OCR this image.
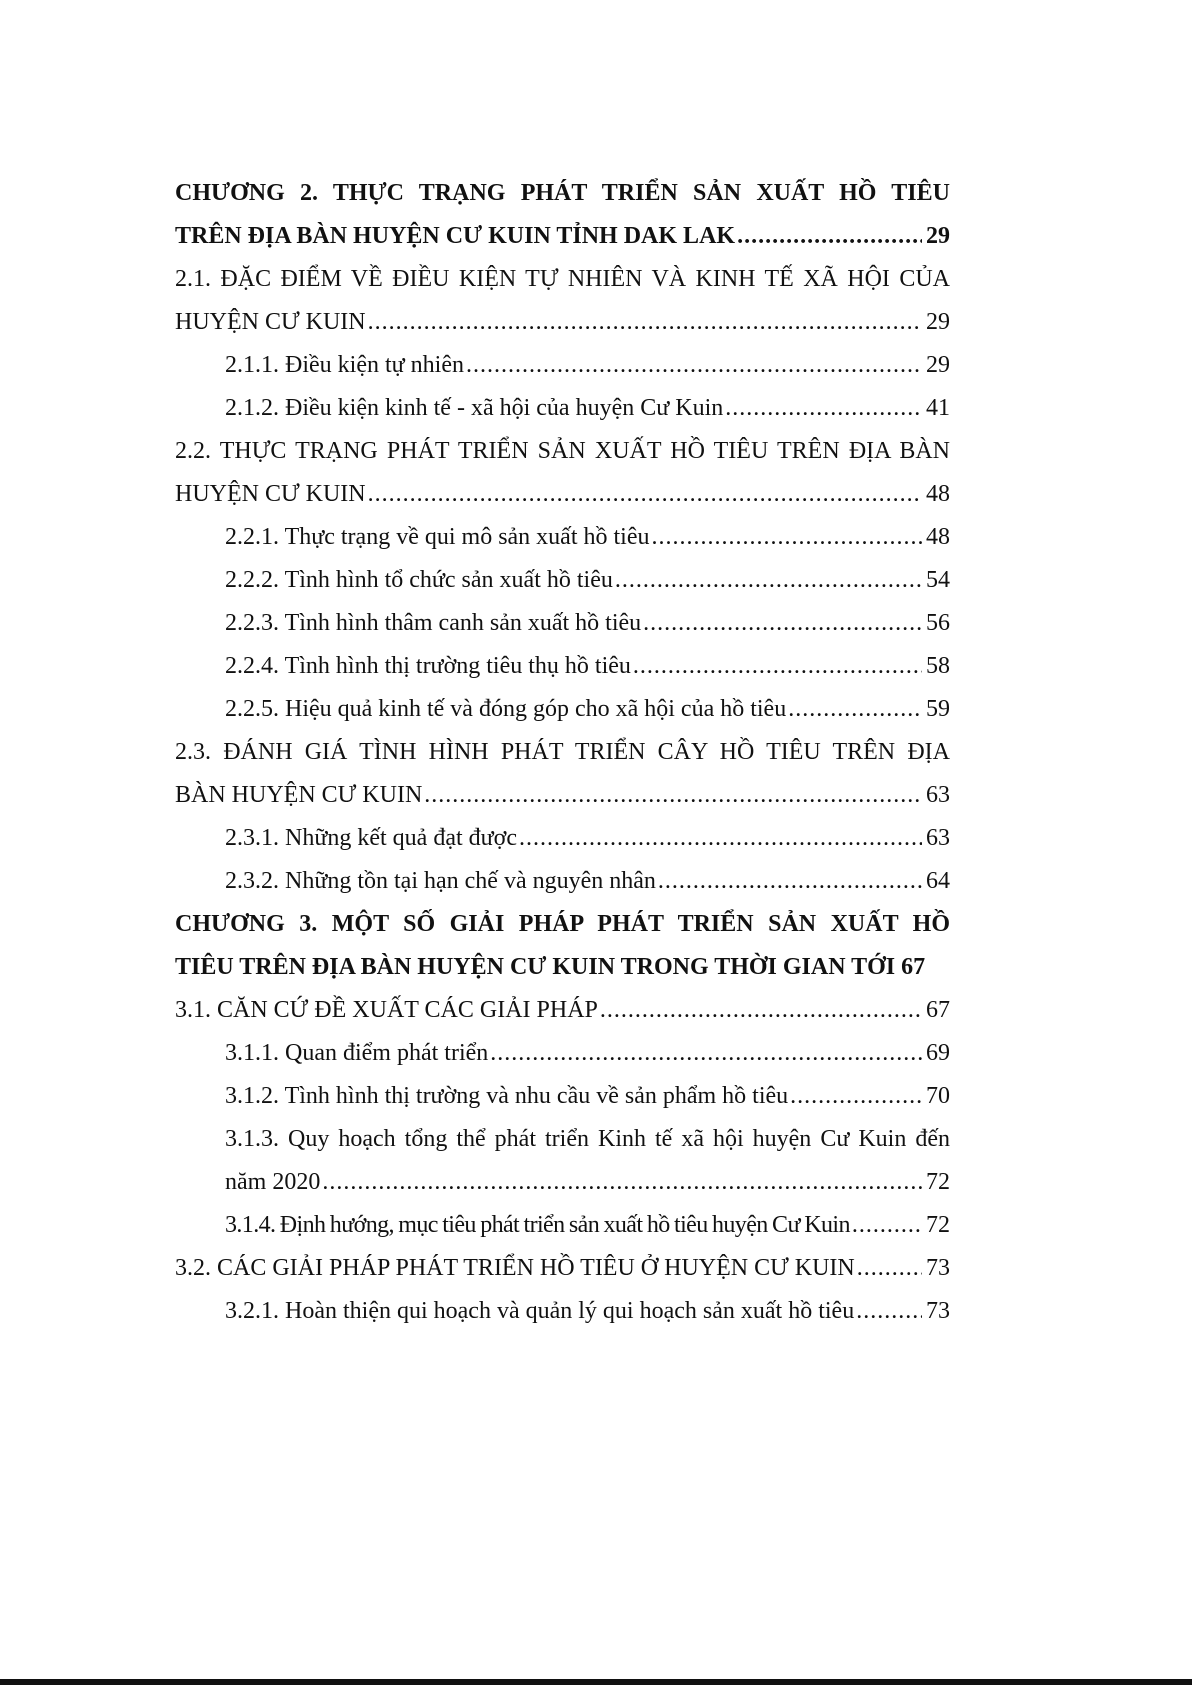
CHƯƠNG 2. THỰC TRẠNG PHÁT TRIỂN SẢN XUẤT HỒ TIÊU
TRÊN ĐỊA BÀN HUYỆN CƯ KUIN TỈNH DAK LAK .....	29
2.1. ĐẶC ĐIỂM VỀ ĐIỀU KIỆN TỰ NHIÊN VÀ KINH TẾ XÃ HỘI CỦA
HUYỆN CƯ KUIN .....	29
2.1.1. Điều kiện tự nhiên .....	29
2.1.2. Điều kiện kinh tế - xã hội của huyện Cư Kuin .....	41
2.2. THỰC TRẠNG PHÁT TRIỂN SẢN XUẤT HỒ TIÊU TRÊN ĐỊA BÀN
HUYỆN CƯ KUIN .....	48
2.2.1. Thực trạng về qui mô sản xuất hồ tiêu .....	48
2.2.2. Tình hình tổ chức sản xuất hồ tiêu .....	54
2.2.3. Tình hình thâm canh sản xuất hồ tiêu .....	56
2.2.4. Tình hình thị trường tiêu thụ hồ tiêu .....	58
2.2.5. Hiệu quả kinh tế và đóng góp cho xã hội của hồ tiêu .....	59
2.3. ĐÁNH GIÁ TÌNH HÌNH PHÁT TRIỂN CÂY HỒ TIÊU TRÊN ĐỊA
BÀN HUYỆN CƯ KUIN .....	63
2.3.1. Những kết quả đạt được .....	63
2.3.2. Những tồn tại hạn chế và nguyên nhân .....	64
CHƯƠNG 3. MỘT SỐ GIẢI PHÁP PHÁT TRIỂN SẢN XUẤT HỒ
TIÊU TRÊN ĐỊA BÀN HUYỆN CƯ KUIN TRONG THỜI GIAN TỚI 67
3.1. CĂN CỨ ĐỀ XUẤT CÁC GIẢI PHÁP .....	67
3.1.1. Quan điểm phát triển .....	69
3.1.2. Tình hình thị trường và nhu cầu về sản phẩm hồ tiêu .....	70
3.1.3. Quy hoạch tổng thể phát triển Kinh tế xã hội huyện Cư Kuin đến
năm 2020 .....	72
3.1.4. Định hướng, mục tiêu phát triển sản xuất hồ tiêu huyện Cư Kuin .....	72
3.2. CÁC GIẢI PHÁP PHÁT TRIỂN HỒ TIÊU Ở HUYỆN CƯ KUIN .....	73
3.2.1. Hoàn thiện qui hoạch và quản lý qui hoạch sản xuất hồ tiêu .....	73
